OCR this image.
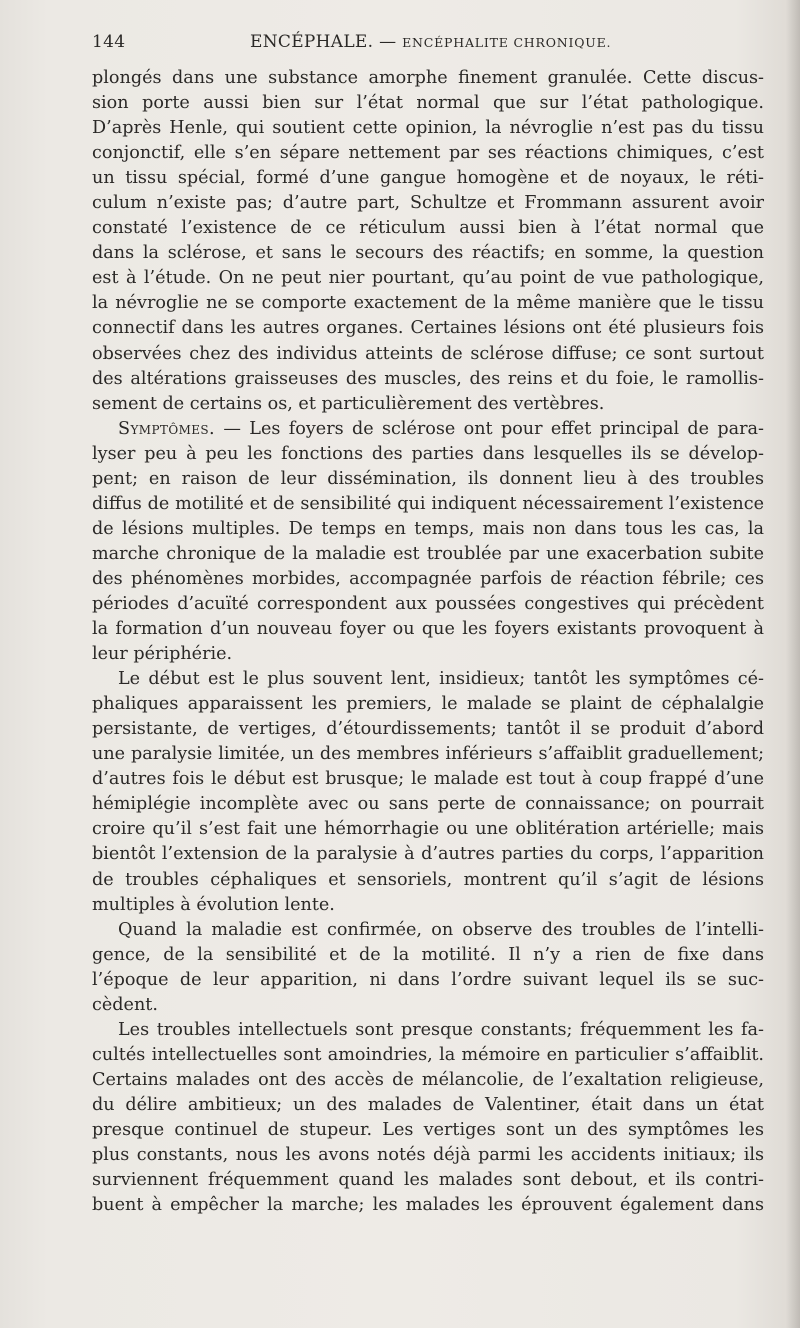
144	ENCÉPHALE. — ENCÉPHALITE CHRONIQUE.
plongés dans une substance amorphe finement granulée. Cette discus-
sion porte aussi bien sur l’état normal que sur l’état pathologique.
D’après Henle, qui soutient cette opinion, la névroglie n’est pas du tissu
conjonctif, elle s’en sépare nettement par ses réactions chimiques, c’est
un tissu spécial, formé d’une gangue homogène et de noyaux, le réti-
culum n’existe pas; d’autre part, Schultze et Frommann assurent avoir
constaté l’existence de ce réticulum aussi bien à l’état normal que
dans la sclérose, et sans le secours des réactifs; en somme, la question
est à l’étude. On ne peut nier pourtant, qu’au point de vue pathologique,
la névroglie ne se comporte exactement de la même manière que le tissu
connectif dans les autres organes. Certaines lésions ont été plusieurs fois
observées chez des individus atteints de sclérose diffuse; ce sont surtout
des altérations graisseuses des muscles, des reins et du foie, le ramollis-
sement de certains os, et particulièrement des vertèbres.
Symptômes. — Les foyers de sclérose ont pour effet principal de para-
lyser peu à peu les fonctions des parties dans lesquelles ils se dévelop-
pent; en raison de leur dissémination, ils donnent lieu à des troubles
diffus de motilité et de sensibilité qui indiquent nécessairement l’existence
de lésions multiples. De temps en temps, mais non dans tous les cas, la
marche chronique de la maladie est troublée par une exacerbation subite
des phénomènes morbides, accompagnée parfois de réaction fébrile; ces
périodes d’acuïté correspondent aux poussées congestives qui précèdent
la formation d’un nouveau foyer ou que les foyers existants provoquent à
leur périphérie.
Le début est le plus souvent lent, insidieux; tantôt les symptômes cé-
phaliques apparaissent les premiers, le malade se plaint de céphalalgie
persistante, de vertiges, d’étourdissements; tantôt il se produit d’abord
une paralysie limitée, un des membres inférieurs s’affaiblit graduellement;
d’autres fois le début est brusque; le malade est tout à coup frappé d’une
hémiplégie incomplète avec ou sans perte de connaissance; on pourrait
croire qu’il s’est fait une hémorrhagie ou une oblitération artérielle; mais
bientôt l’extension de la paralysie à d’autres parties du corps, l’apparition
de troubles céphaliques et sensoriels, montrent qu’il s’agit de lésions
multiples à évolution lente.
Quand la maladie est confirmée, on observe des troubles de l’intelli-
gence, de la sensibilité et de la motilité. Il n’y a rien de fixe dans
l’époque de leur apparition, ni dans l’ordre suivant lequel ils se suc-
cèdent.
Les troubles intellectuels sont presque constants; fréquemment les fa-
cultés intellectuelles sont amoindries, la mémoire en particulier s’affaiblit.
Certains malades ont des accès de mélancolie, de l’exaltation religieuse,
du délire ambitieux; un des malades de Valentiner, était dans un état
presque continuel de stupeur. Les vertiges sont un des symptômes les
plus constants, nous les avons notés déjà parmi les accidents initiaux; ils
surviennent fréquemment quand les malades sont debout, et ils contri-
buent à empêcher la marche; les malades les éprouvent également dans
